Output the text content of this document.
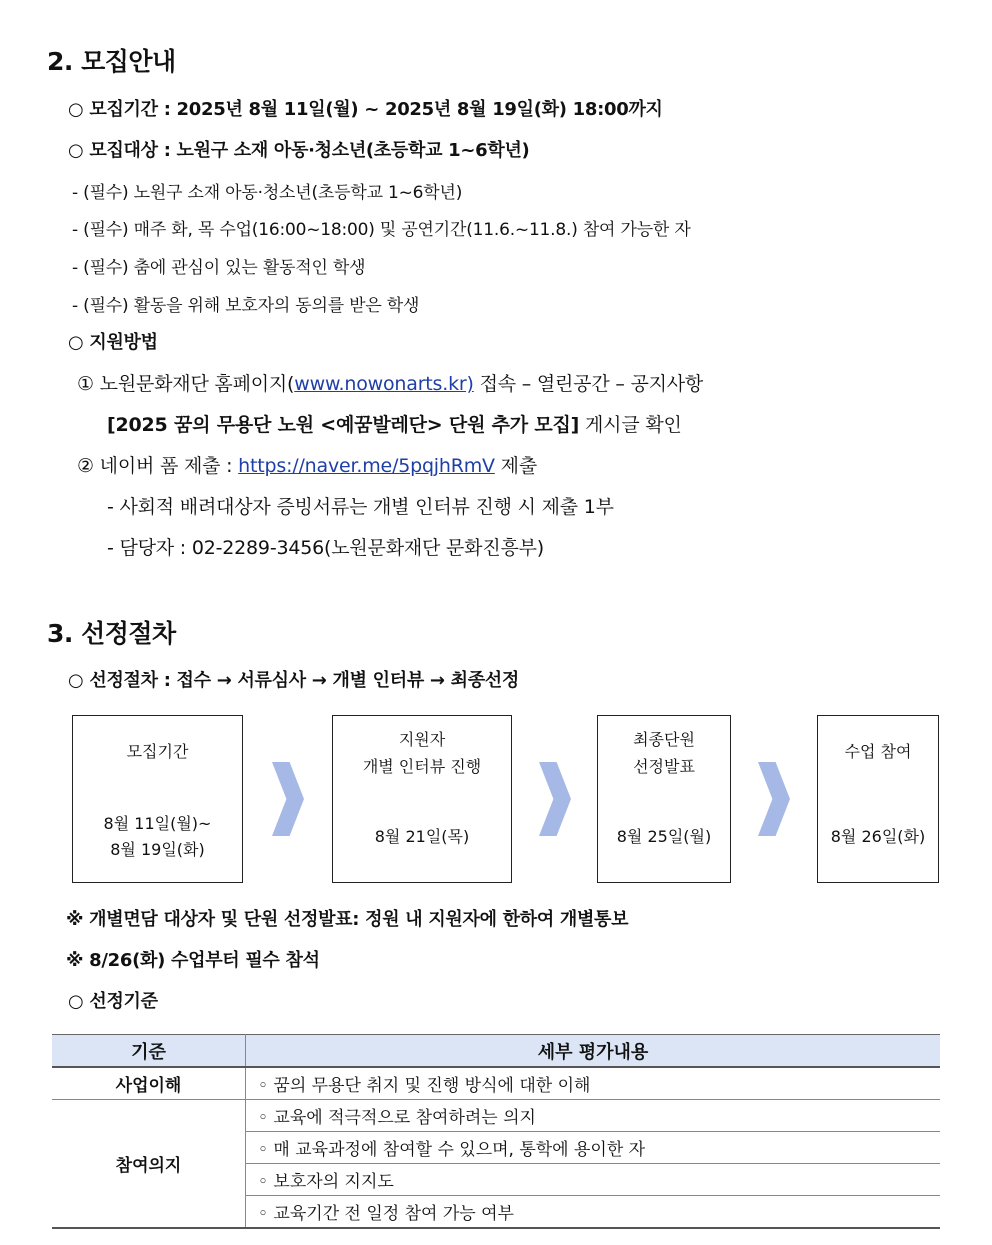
2. 모집안내
○ 모집기간 : 2025년 8월 11일(월) ~ 2025년 8월 19일(화) 18:00까지
○ 모집대상 : 노원구 소재 아동·청소년(초등학교 1~6학년)
- (필수) 노원구 소재 아동·청소년(초등학교 1~6학년)
- (필수) 매주 화, 목 수업(16:00~18:00) 및 공연기간(11.6.~11.8.) 참여 가능한 자
- (필수) 춤에 관심이 있는 활동적인 학생
- (필수) 활동을 위해 보호자의 동의를 받은 학생
○ 지원방법
① 노원문화재단 홈페이지(www.nowonarts.kr) 접속 – 열린공간 – 공지사항
[2025 꿈의 무용단 노원 <예꿈발레단> 단원 추가 모집] 게시글 확인
② 네이버 폼 제출 : https://naver.me/5pqjhRmV 제출
- 사회적 배려대상자 증빙서류는 개별 인터뷰 진행 시 제출 1부
- 담당자 : 02-2289-3456(노원문화재단 문화진흥부)
3. 선정절차
○ 선정절차 : 접수 → 서류심사 → 개별 인터뷰 → 최종선정
모집기간
8월 11일(월)~
8월 19일(화)
지원자
개별 인터뷰 진행
8월 21일(목)
최종단원
선정발표
8월 25일(월)
수업 참여
8월 26일(화)
※ 개별면담 대상자 및 단원 선정발표: 정원 내 지원자에 한하여 개별통보
※ 8/26(화) 수업부터 필수 참석
○ 선정기준
기준	세부 평가내용
사업이해	◦ 꿈의 무용단 취지 및 진행 방식에 대한 이해
참여의지	◦ 교육에 적극적으로 참여하려는 의지
	◦ 매 교육과정에 참여할 수 있으며, 통학에 용이한 자
	◦ 보호자의 지지도
	◦ 교육기간 전 일정 참여 가능 여부
